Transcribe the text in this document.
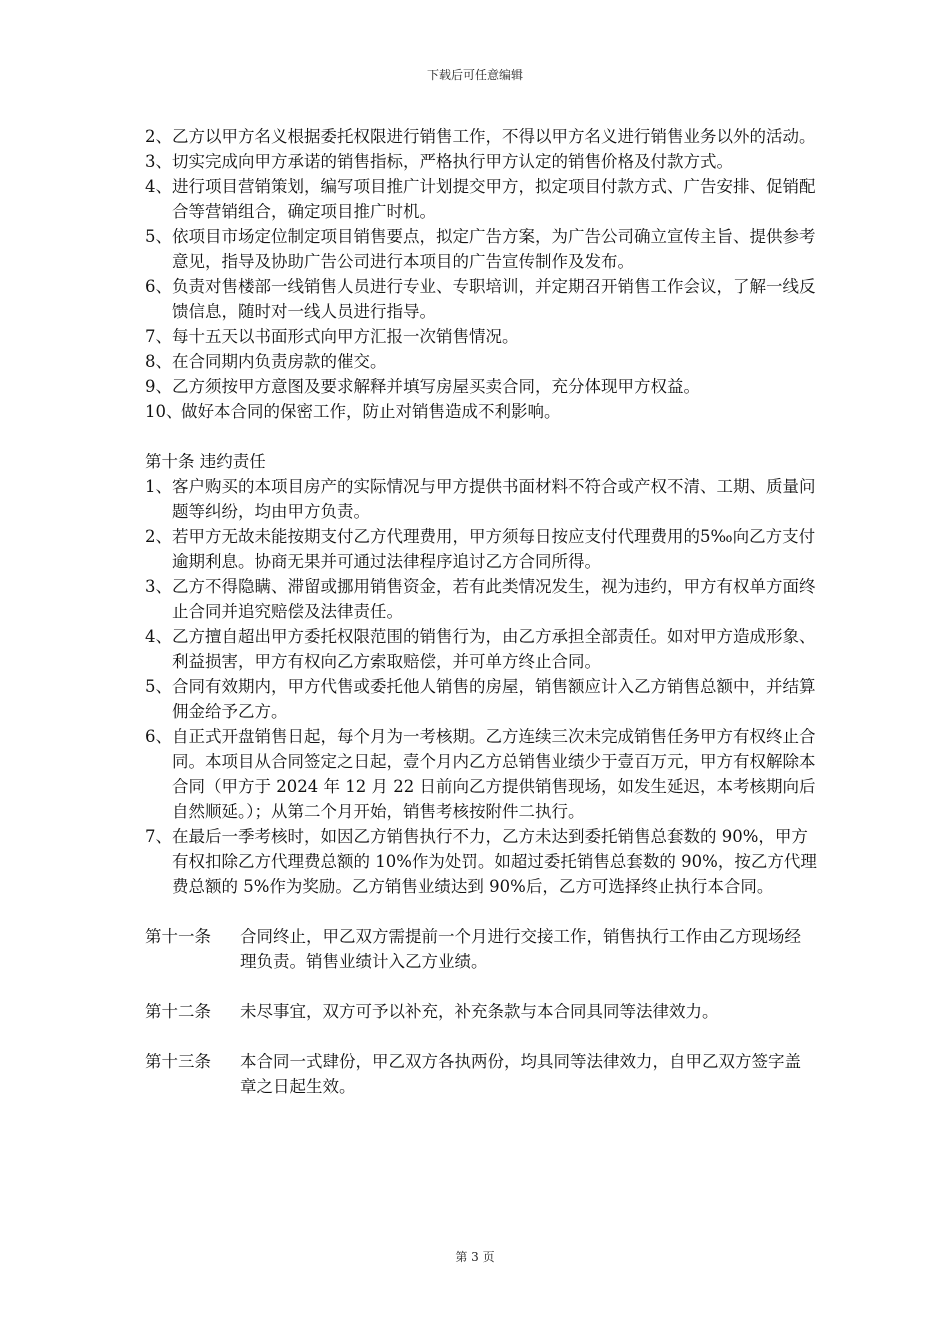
下载后可任意编辑
2、 乙方以甲方名义根据委托权限进行销售工作，不得以甲方名义进行销售业务以外的活动。
3、 切实完成向甲方承诺的销售指标，严格执行甲方认定的销售价格及付款方式。
4、 进行项目营销策划，编写项目推广计划提交甲方，拟定项目付款方式、广告安排、促销配合等营销组合，确定项目推广时机。
5、 依项目市场定位制定项目销售要点，拟定广告方案，为广告公司确立宣传主旨、提供参考意见，指导及协助广告公司进行本项目的广告宣传制作及发布。
6、 负责对售楼部一线销售人员进行专业、专职培训，并定期召开销售工作会议，了解一线反馈信息，随时对一线人员进行指导。
7、 每十五天以书面形式向甲方汇报一次销售情况。
8、 在合同期内负责房款的催交。
9、 乙方须按甲方意图及要求解释并填写房屋买卖合同，充分体现甲方权益。
10、
做好本合同的保密工作，防止对销售造成不利影响。
第十条 违约责任
1、 客户购买的本项目房产的实际情况与甲方提供书面材料不符合或产权不清、工期、质量问题等纠纷，均由甲方负责。
2、 若甲方无故未能按期支付乙方代理费用，甲方须每日按应支付代理费用的5‰向乙方支付逾期利息。协商无果并可通过法律程序追讨乙方合同所得。
3、 乙方不得隐瞒、滞留或挪用销售资金，若有此类情况发生，视为违约，甲方有权单方面终止合同并追究赔偿及法律责任。
4、 乙方擅自超出甲方委托权限范围的销售行为，由乙方承担全部责任。如对甲方造成形象、利益损害，甲方有权向乙方索取赔偿，并可单方终止合同。
5、 合同有效期内，甲方代售或委托他人销售的房屋，销售额应计入乙方销售总额中，并结算佣金给予乙方。
6、 自正式开盘销售日起，每个月为一考核期。乙方连续三次未完成销售任务甲方有权终止合同。本项目从合同签定之日起，壹个月内乙方总销售业绩少于壹百万元，甲方有权解除本合同（甲方于 2024 年 12 月 22 日前向乙方提供销售现场，如发生延迟，本考核期向后自然顺延。）；从第二个月开始，销售考核按附件二执行。
7、 在最后一季考核时，如因乙方销售执行不力，乙方未达到委托销售总套数的 90%，甲方有权扣除乙方代理费总额的 10%作为处罚。如超过委托销售总套数的 90%，按乙方代理费总额的 5%作为奖励。乙方销售业绩达到 90%后，乙方可选择终止执行本合同。
第十一条 合同终止，甲乙双方需提前一个月进行交接工作，销售执行工作由乙方现场经理负责。销售业绩计入乙方业绩。
第十二条 未尽事宜，双方可予以补充，补充条款与本合同具同等法律效力。
第十三条 本合同一式肆份，甲乙双方各执两份，均具同等法律效力，自甲乙双方签字盖章之日起生效。
第 3 页
